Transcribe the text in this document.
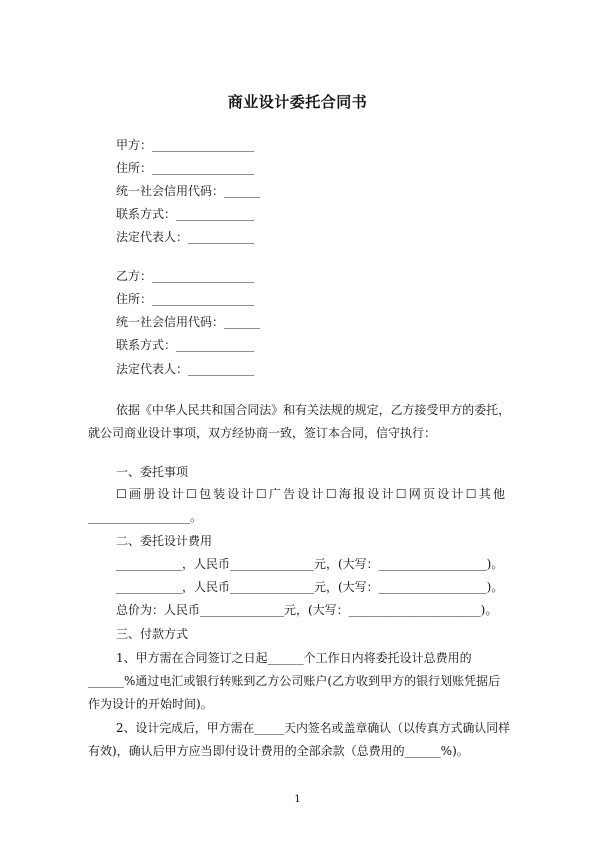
商业设计委托合同书
甲方：_________________
住所：_________________
统一社会信用代码：______
联系方式：_____________
法定代表人：___________
乙方：_________________
住所：_________________
统一社会信用代码：______
联系方式：_____________
法定代表人：___________
依据《中华人民共和国合同法》和有关法规的规定，乙方接受甲方的委托，
就公司商业设计事项，双方经协商一致，签订本合同，信守执行：
一、委托事项
☐画册设计☐包装设计☐广告设计☐海报设计☐网页设计☐其他
_________________。
二、委托设计费用
___________，人民币______________元，(大写：__________________)。
___________，人民币______________元，(大写：__________________)。
总价为：人民币______________元，(大写：______________________)。
三、付款方式
1、甲方需在合同签订之日起______个工作日内将委托设计总费用的
______%通过电汇或银行转账到乙方公司账户(乙方收到甲方的银行划账凭据后
作为设计的开始时间)。
2、设计完成后，甲方需在_____天内签名或盖章确认（以传真方式确认同样
有效)，确认后甲方应当即付设计费用的全部余款（总费用的______%)。
1
